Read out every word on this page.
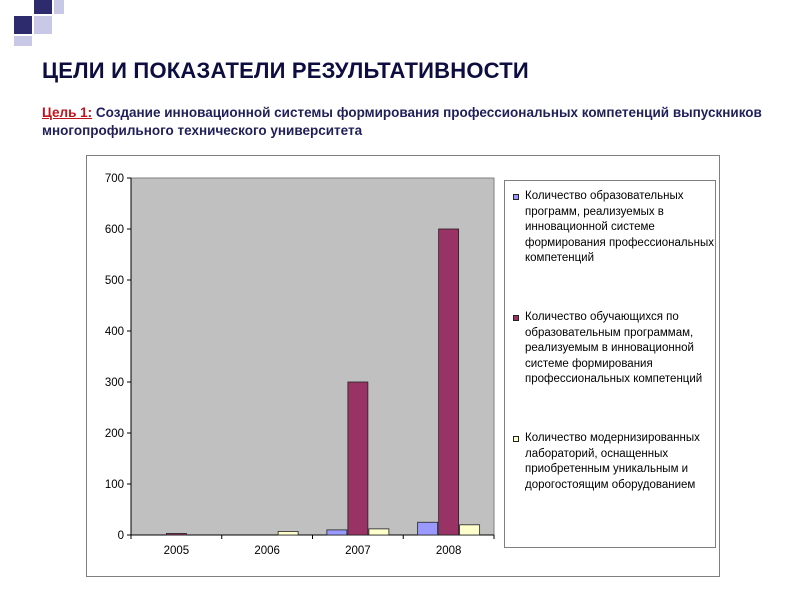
ЦЕЛИ И ПОКАЗАТЕЛИ РЕЗУЛЬТАТИВНОСТИ
Цель 1: Создание инновационной системы формирования профессиональных компетенций выпускников многопрофильного технического университета
0
100
200
300
400
500
600
700
2005	2006	2007	2008
Количество образовательных программ, реализуемых в инновационной системе формирования профессиональных компетенций
Количество обучающихся по образовательным программам, реализуемым в инновационной системе формирования профессиональных компетенций
Количество модернизированных лабораторий, оснащенных приобретенным уникальным и дорогостоящим оборудованием
